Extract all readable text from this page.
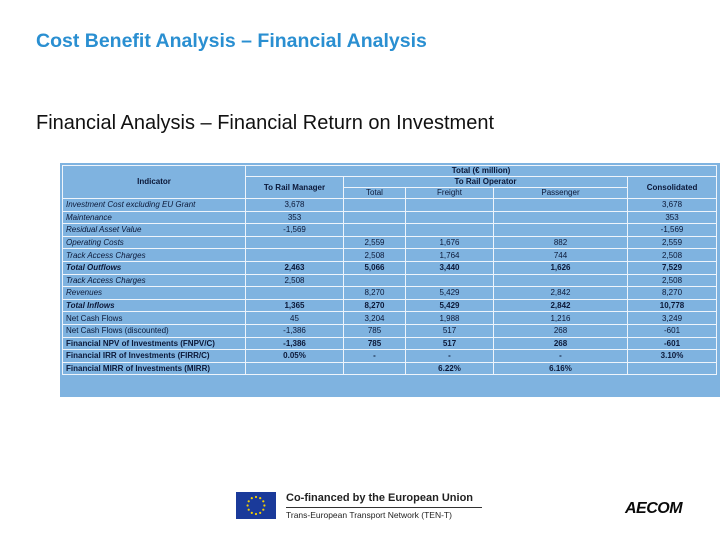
Cost Benefit Analysis – Financial Analysis
Financial Analysis – Financial Return on Investment
Indicator	Total (€ million)				
	To Rail Manager	To Rail Operator			Consolidated
		Total	Freight	Passenger	
Investment Cost excluding EU Grant	3,678				3,678
Maintenance	353				353
Residual Asset Value	-1,569				-1,569
Operating Costs		2,559	1,676	882	2,559
Track Access Charges		2,508	1,764	744	2,508
Total Outflows	2,463	5,066	3,440	1,626	7,529
Track Access Charges	2,508				2,508
Revenues		8,270	5,429	2,842	8,270
Total Inflows	1,365	8,270	5,429	2,842	10,778
Net Cash Flows	45	3,204	1,988	1,216	3,249
Net Cash Flows (discounted)	-1,386	785	517	268	-601
Financial NPV of Investments (FNPV/C)	-1,386	785	517	268	-601
Financial IRR of Investments (FIRR/C)	0.05%	-	-	-	3.10%
Financial MIRR of Investments (MIRR)			6.22%	6.16%	
Co-financed by the European Union
Trans-European Transport Network (TEN-T)	AECOM
